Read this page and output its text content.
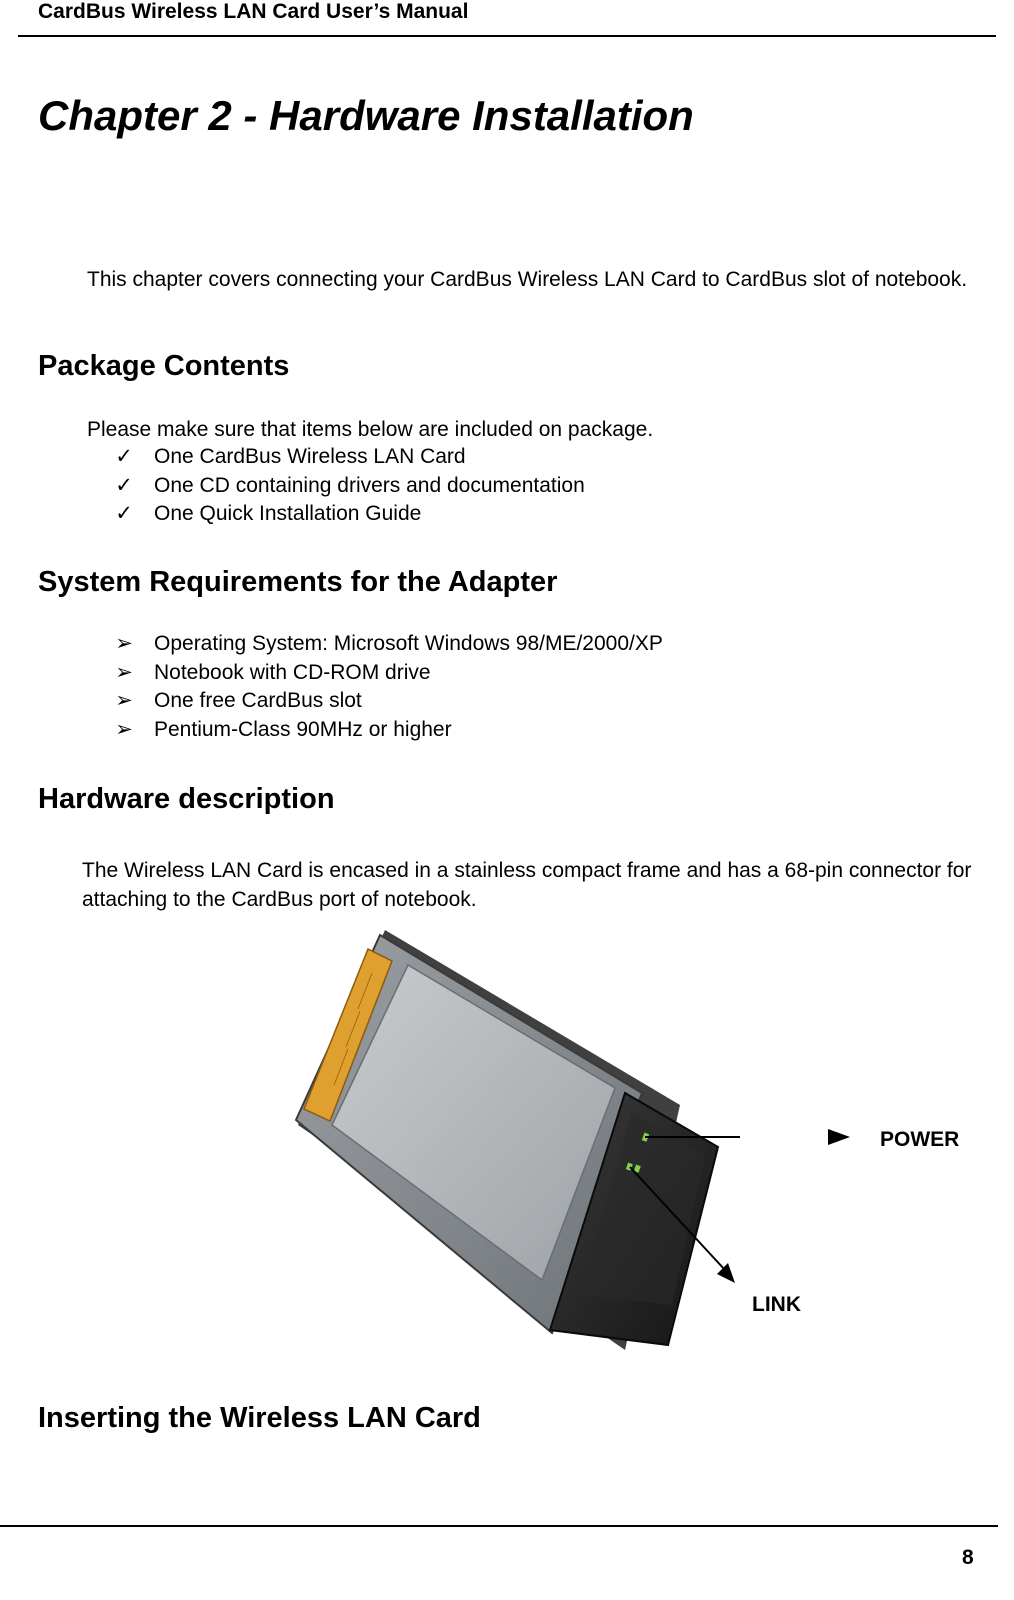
CardBus Wireless LAN Card User’s Manual
Chapter 2 - Hardware Installation
This chapter covers connecting your CardBus Wireless LAN Card to CardBus slot of notebook.
Package Contents
Please make sure that items below are included on package.
✓ One CardBus Wireless LAN Card
✓ One CD containing drivers and documentation
✓ One Quick Installation Guide
System Requirements for the Adapter
➢ Operating System: Microsoft Windows 98/ME/2000/XP
➢ Notebook with CD-ROM drive
➢ One free CardBus slot
➢ Pentium-Class 90MHz or higher
Hardware description
The Wireless LAN Card is encased in a stainless compact frame and has a 68-pin connector for attaching to the CardBus port of notebook.
POWER
LINK
Inserting the Wireless LAN Card
8
